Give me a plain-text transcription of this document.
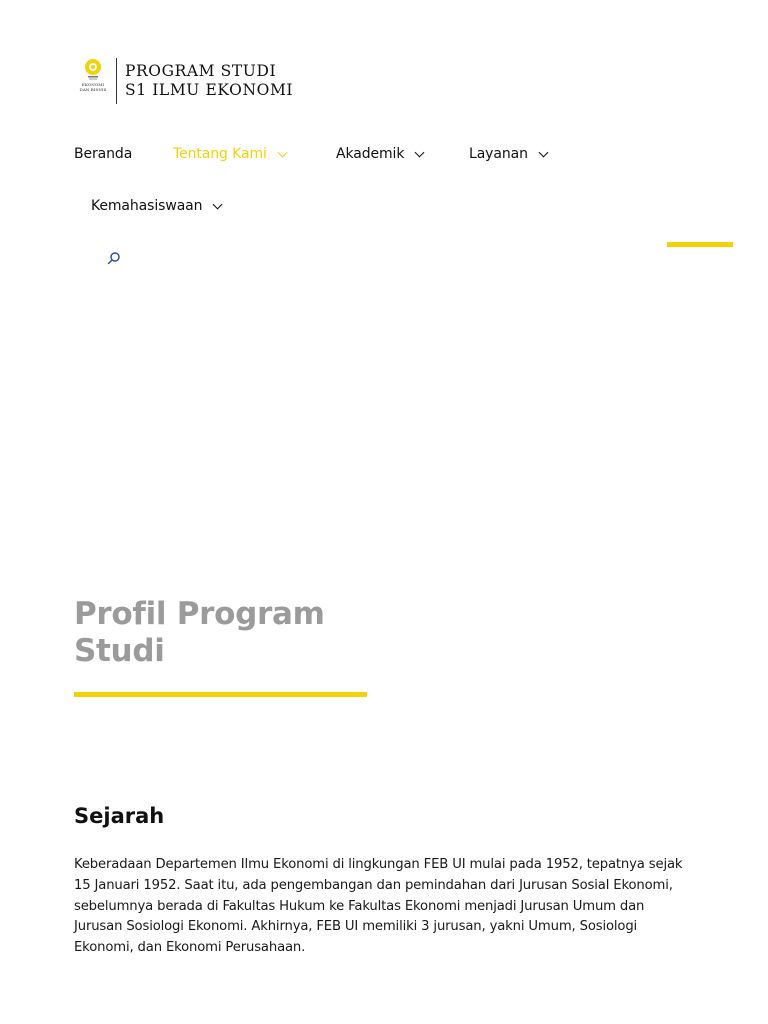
EKONOMI
DAN BISNIS
PROGRAM STUDI
S1 ILMU EKONOMI
Beranda	Tentang Kami	Akademik	Layanan
Kemahasiswaan
Profil Program Studi
Sejarah

Keberadaan Departemen Ilmu Ekonomi di lingkungan FEB UI mulai pada 1952, tepatnya sejak 15 Januari 1952. Saat itu, ada pengembangan dan pemindahan dari Jurusan Sosial Ekonomi, sebelumnya berada di Fakultas Hukum ke Fakultas Ekonomi menjadi Jurusan Umum dan Jurusan Sosiologi Ekonomi. Akhirnya, FEB UI memiliki 3 jurusan, yakni Umum, Sosiologi Ekonomi, dan Ekonomi Perusahaan.
